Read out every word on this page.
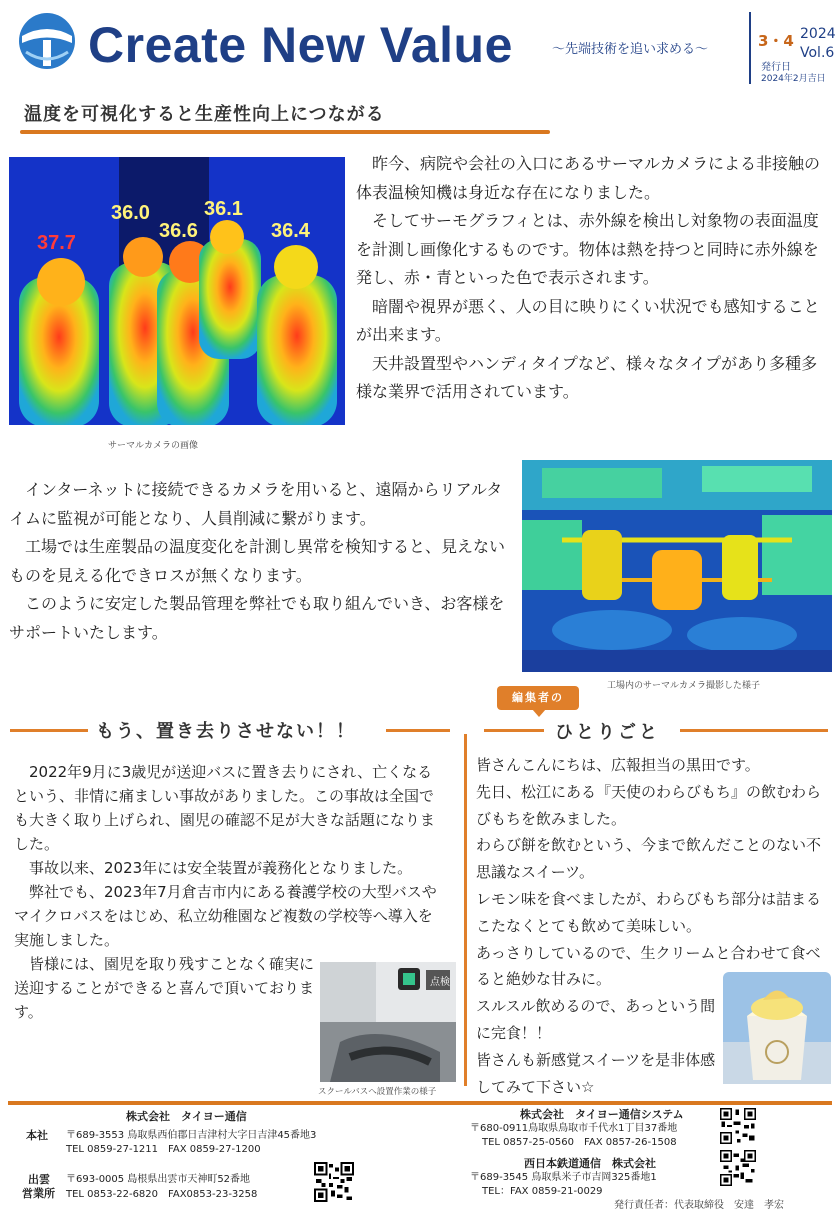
Create New Value	～先端技術を追い求める～	3・4 2024
Vol.6
発行日
2024年2月吉日
温度を可視化すると生産性向上につながる
37.7
36.0
36.6
36.1
36.4
サーマルカメラの画像

昨今、病院や会社の入口にあるサーマルカメラによる非接触の体表温検知機は身近な存在になりました。

そしてサーモグラフィとは、赤外線を検出し対象物の表面温度を計測し画像化するものです。物体は熱を持つと同時に赤外線を発し、赤・青といった色で表示されます。

暗闇や視界が悪く、人の目に映りにくい状況でも感知することが出来ます。

天井設置型やハンディタイプなど、様々なタイプがあり多種多様な業界で活用されています。

インターネットに接続できるカメラを用いると、遠隔からリアルタイムに監視が可能となり、人員削減に繋がります。

工場では生産製品の温度変化を計測し異常を検知すると、見えないものを見える化できロスが無くなります。

このように安定した製品管理を弊社でも取り組んでいき、お客様をサポートいたします。

工場内のサーマルカメラ撮影した様子
もう、置き去りさせない！！

2022年9月に3歳児が送迎バスに置き去りにされ、亡くなるという、非情に痛ましい事故がありました。この事故は全国でも大きく取り上げられ、園児の確認不足が大きな話題になりました。

事故以来、2023年には安全装置が義務化となりました。

弊社でも、2023年7月倉吉市内にある養護学校の大型バスやマイクロバスをはじめ、私立幼稚園など複数の学校等へ導入を実施しました。

皆様には、園児を取り残すことなく確実に送迎することができると喜んで頂いております。

点検
スクールバスへ設置作業の様子
編集者の
ひとりごと

皆さんこんにちは、広報担当の黒田です。

先日、松江にある『天使のわらびもち』の飲むわらびもちを飲みました。

わらび餅を飲むという、今まで飲んだことのない不思議なスイーツ。

レモン味を食べましたが、わらびもち部分は詰まるこたなくとても飲めて美味しい。

あっさりしているので、生クリームと合わせて食べると絶妙な甘みに。

スルスル飲めるので、あっという間に完食！！

皆さんも新感覚スイーツを是非体感してみて下さい☆

株式会社　タイヨー通信
本社 〒689-3553 鳥取県西伯郡日吉津村大字日吉津45番地3
TEL 0859-27-1211　FAX 0859-27-1200
出雲
営業所
〒693-0005 島根県出雲市天神町52番地
TEL 0853-22-6820　FAX0853-23-3258
株式会社　タイヨー通信システム
〒680-0911鳥取県鳥取市千代水1丁目37番地
TEL 0857-25-0560　FAX 0857-26-1508
西日本鉄道通信　株式会社
〒689-3545 鳥取県米子市吉岡325番地1
TEL：FAX 0859-21-0029
発行責任者：代表取締役　安達　孝宏
